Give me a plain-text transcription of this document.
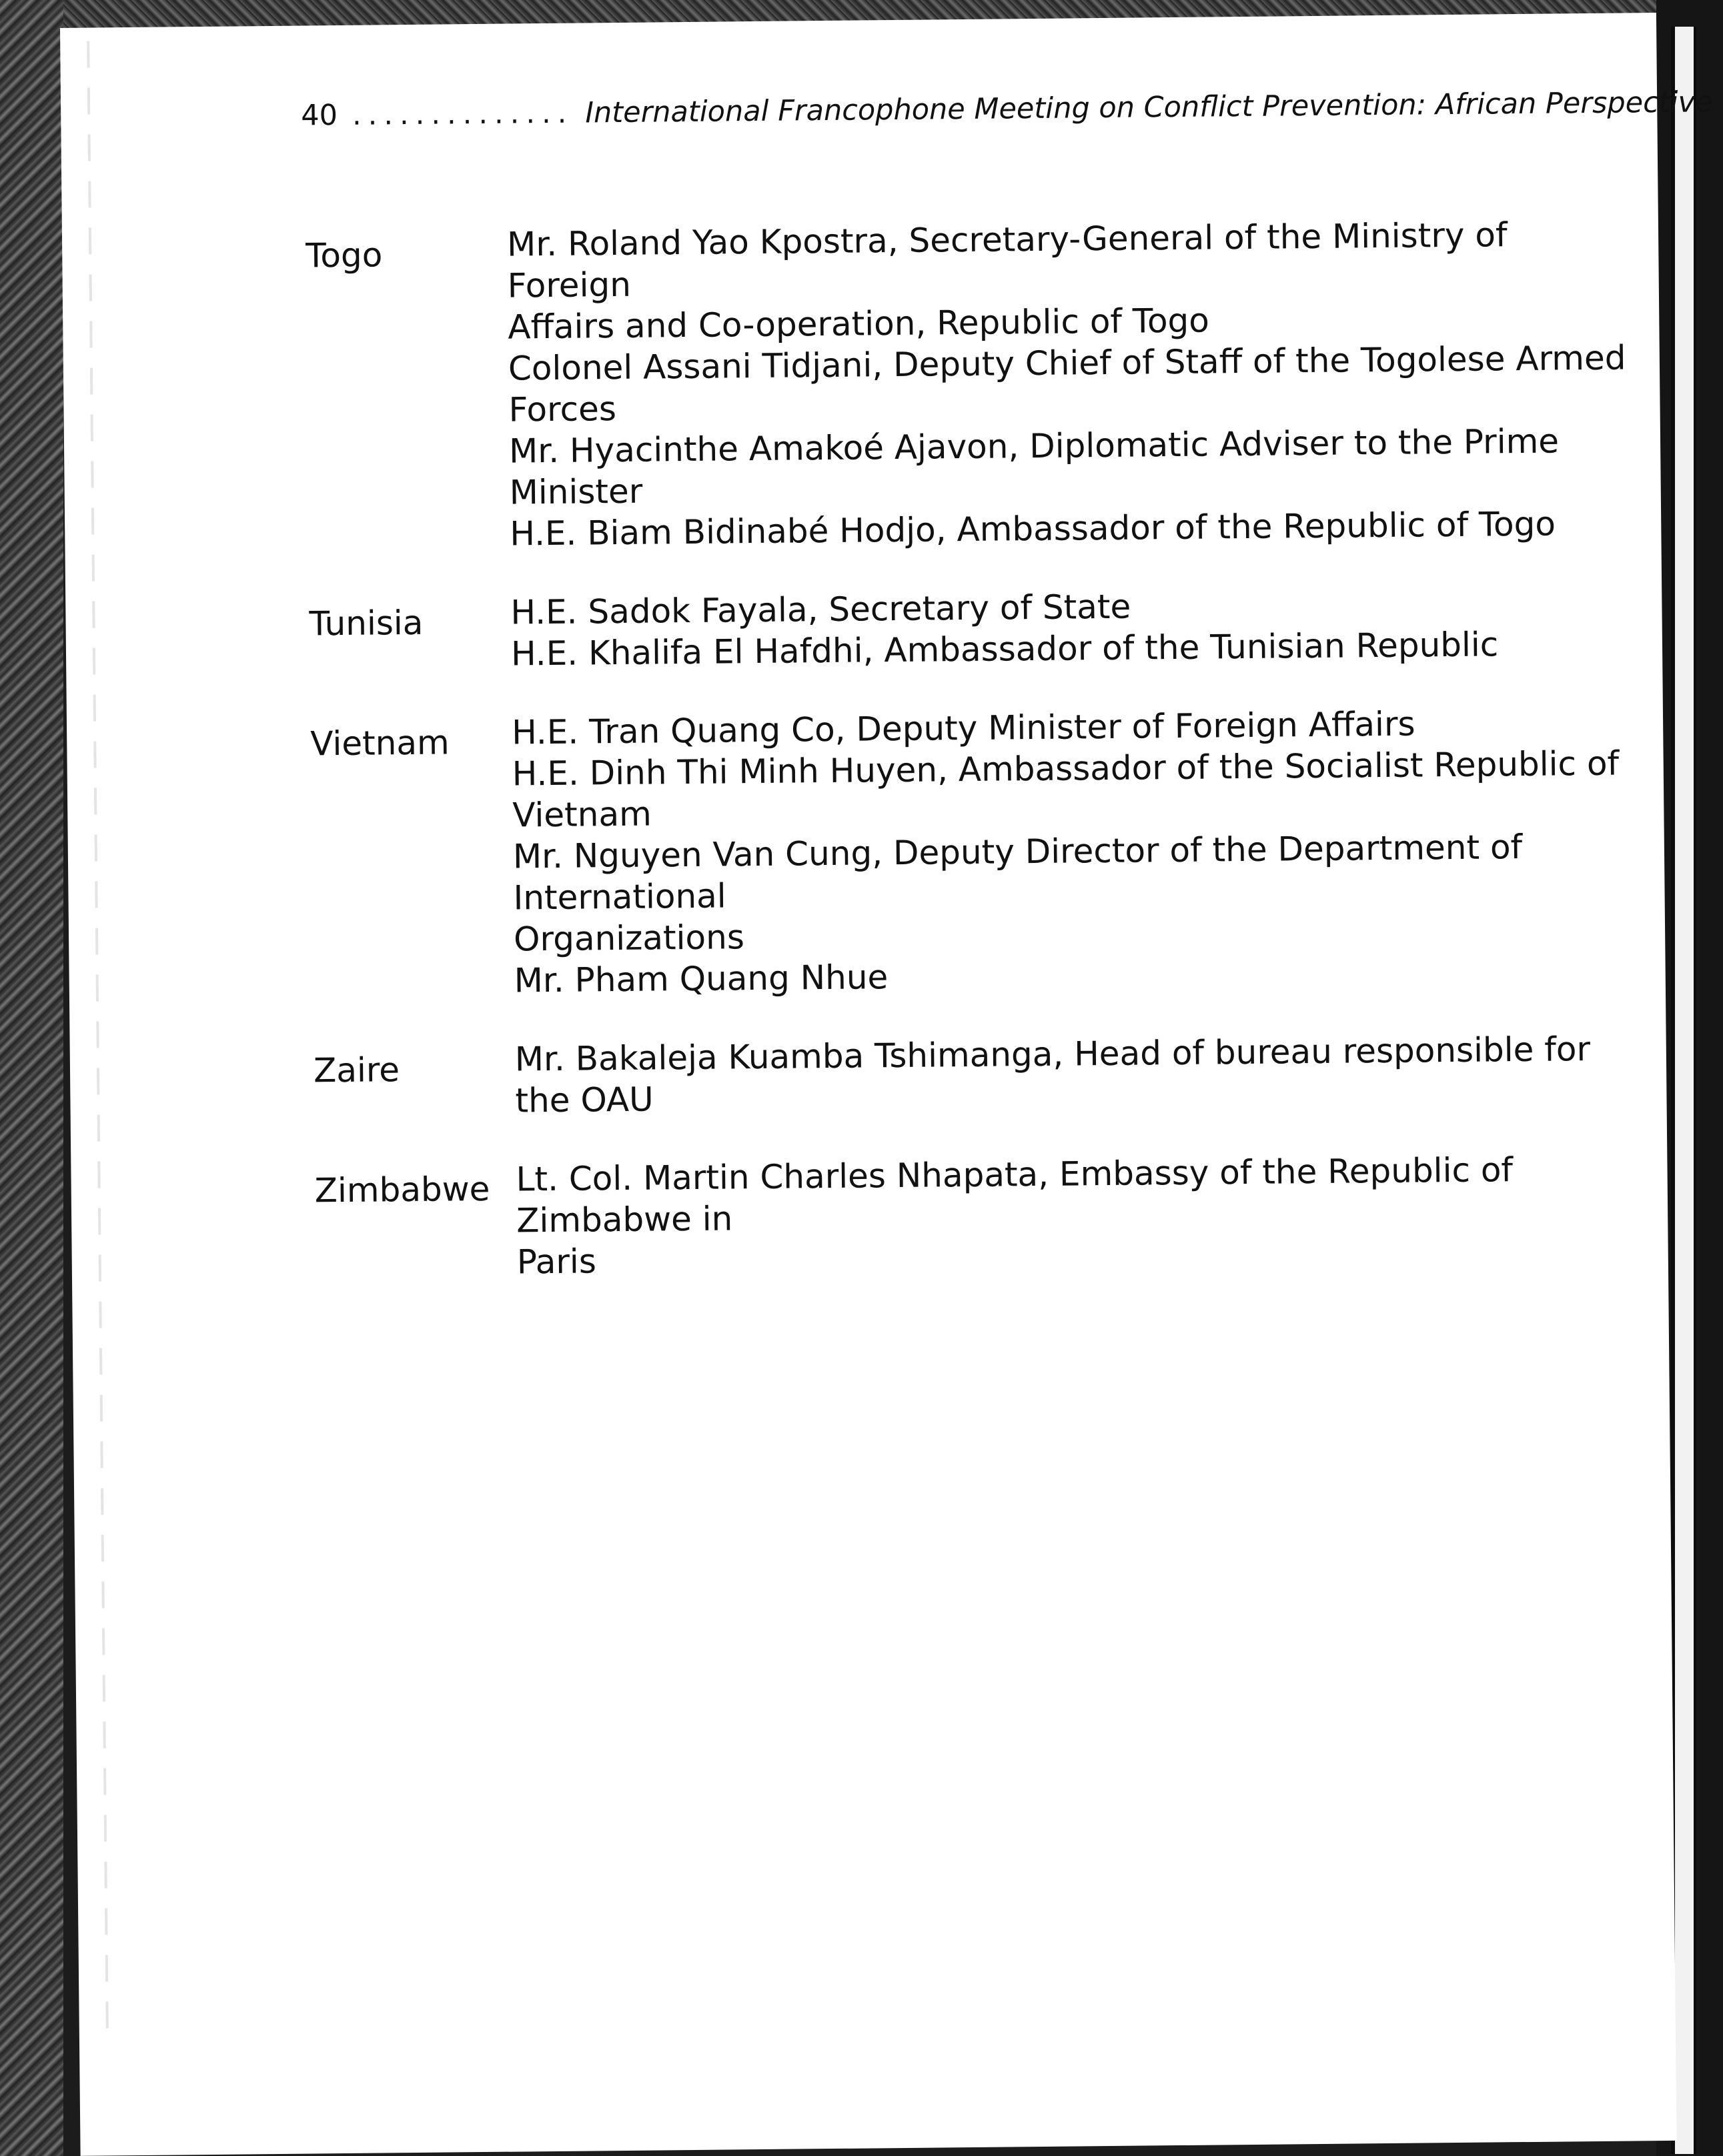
40 .............. International Francophone Meeting on Conflict Prevention: African Perspective
Togo	Mr. Roland Yao Kpostra, Secretary-General of the Ministry of Foreign
Affairs and Co-operation, Republic of Togo
Colonel Assani Tidjani, Deputy Chief of Staff of the Togolese Armed Forces
Mr. Hyacinthe Amakoé Ajavon, Diplomatic Adviser to the Prime Minister
H.E. Biam Bidinabé Hodjo, Ambassador of the Republic of Togo
Tunisia	H.E. Sadok Fayala, Secretary of State
H.E. Khalifa El Hafdhi, Ambassador of the Tunisian Republic
Vietnam	H.E. Tran Quang Co, Deputy Minister of Foreign Affairs
H.E. Dinh Thi Minh Huyen, Ambassador of the Socialist Republic of
Vietnam
Mr. Nguyen Van Cung, Deputy Director of the Department of International
Organizations
Mr. Pham Quang Nhue
Zaire	Mr. Bakaleja Kuamba Tshimanga, Head of bureau responsible for the OAU
Zimbabwe Lt. Col. Martin Charles Nhapata, Embassy of the Republic of Zimbabwe in
Paris
